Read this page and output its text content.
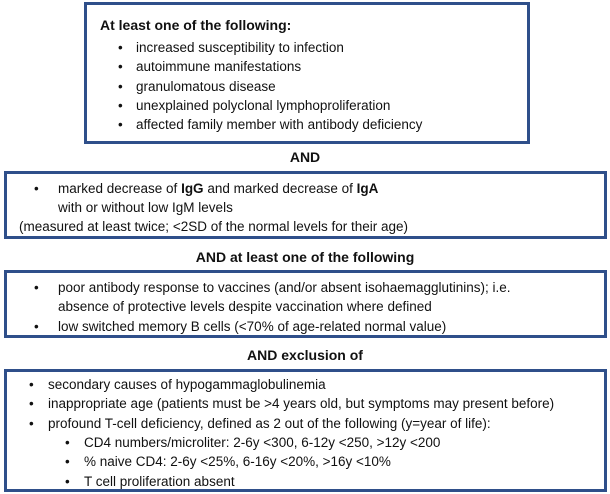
At least one of the following:
• increased susceptibility to infection
• autoimmune manifestations
• granulomatous disease
• unexplained polyclonal lymphoproliferation
• affected family member with antibody deficiency
AND
• marked decrease of IgG and marked decrease of IgA
with or without low IgM levels
(measured at least twice; <2SD of the normal levels for their age)
AND at least one of the following
• poor antibody response to vaccines (and/or absent isohaemagglutinins); i.e.
absence of protective levels despite vaccination where defined
• low switched memory B cells (<70% of age-related normal value)
AND exclusion of
• secondary causes of hypogammaglobulinemia
• inappropriate age (patients must be >4 years old, but symptoms may present before)
• profound T-cell deficiency, defined as 2 out of the following (y=year of life):
• CD4 numbers/microliter: 2-6y <300, 6-12y <250, >12y <200
• % naive CD4: 2-6y <25%, 6-16y <20%, >16y <10%
• T cell proliferation absent
